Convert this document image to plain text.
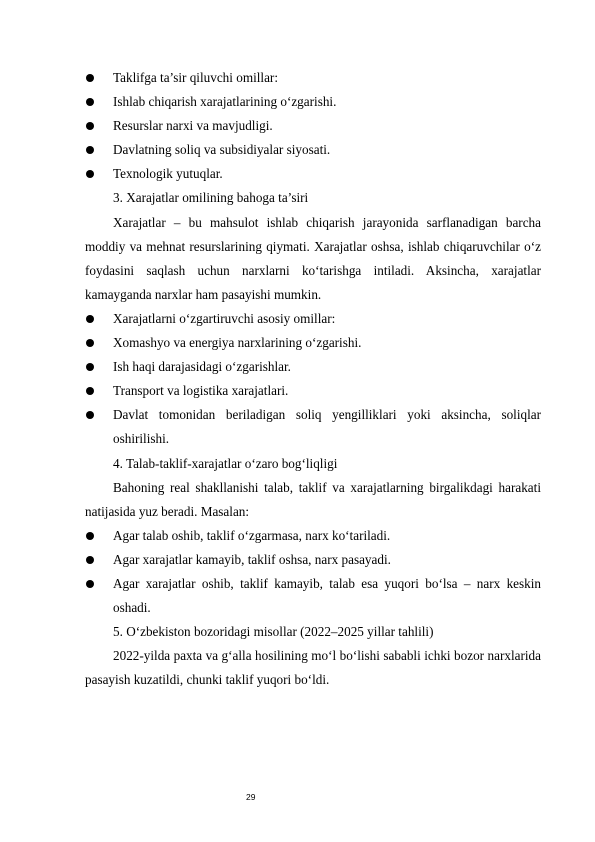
Taklifga ta’sir qiluvchi omillar:
Ishlab chiqarish xarajatlarining o‘zgarishi.
Resurslar narxi va mavjudligi.
Davlatning soliq va subsidiyalar siyosati.
Texnologik yutuqlar.
3. Xarajatlar omilining bahoga ta’siri
Xarajatlar – bu mahsulot ishlab chiqarish jarayonida sarflanadigan barcha moddiy va mehnat resurslarining qiymati. Xarajatlar oshsa, ishlab chiqaruvchilar o‘z foydasini saqlash uchun narxlarni ko‘tarishga intiladi. Aksincha, xarajatlar kamayganda narxlar ham pasayishi mumkin.
Xarajatlarni o‘zgartiruvchi asosiy omillar:
Xomashyo va energiya narxlarining o‘zgarishi.
Ish haqi darajasidagi o‘zgarishlar.
Transport va logistika xarajatlari.
Davlat tomonidan beriladigan soliq yengilliklari yoki aksincha, soliqlar oshirilishi.
4. Talab-taklif-xarajatlar o‘zaro bog‘liqligi
Bahoning real shakllanishi talab, taklif va xarajatlarning birgalikdagi harakati natijasida yuz beradi. Masalan:
Agar talab oshib, taklif o‘zgarmasa, narx ko‘tariladi.
Agar xarajatlar kamayib, taklif oshsa, narx pasayadi.
Agar xarajatlar oshib, taklif kamayib, talab esa yuqori bo‘lsa – narx keskin oshadi.
5. O‘zbekiston bozoridagi misollar (2022–2025 yillar tahlili)
2022-yilda paxta va g‘alla hosilining mo‘l bo‘lishi sababli ichki bozor narxlarida pasayish kuzatildi, chunki taklif yuqori bo‘ldi.
29
